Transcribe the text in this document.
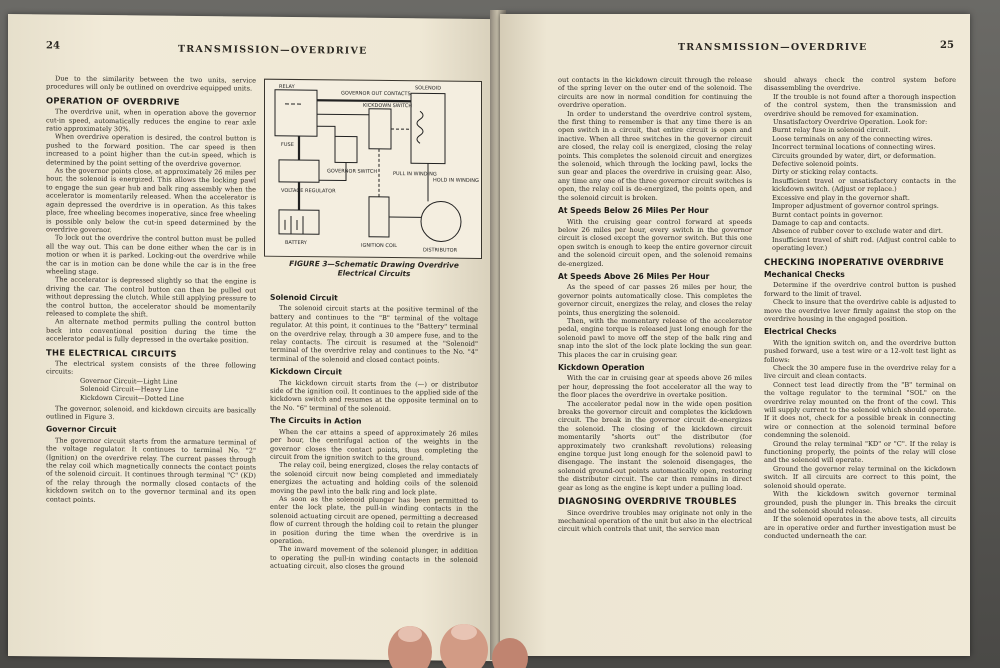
24	TRANSMISSION—OVERDRIVE

Due to the similarity between the two units, service procedures will only be outlined on overdrive equipped units.

OPERATION OF OVERDRIVE

The overdrive unit, when in operation above the governor cut-in speed, automatically reduces the engine to rear axle ratio approximately 30%.

When overdrive operation is desired, the control button is pushed to the forward position. The car speed is then increased to a point higher than the cut-in speed, which is determined by the point setting of the overdrive governor.

As the governor points close, at approximately 26 miles per hour, the solenoid is energized. This allows the locking pawl to engage the sun gear hub and balk ring assembly when the accelerator is momentarily released. When the accelerator is again depressed the overdrive is in operation. As this takes place, free wheeling becomes inoperative, since free wheeling is possible only below the cut-in speed determined by the overdrive governor.

To lock out the overdrive the control button must be pulled all the way out. This can be done either when the car is in motion or when it is parked. Locking-out the overdrive while the car is in motion can be done while the car is in the free wheeling stage.

The accelerator is depressed slightly so that the engine is driving the car. The control button can then be pulled out without depressing the clutch. While still applying pressure to the control button, the accelerator should be momentarily released to complete the shift.

An alternate method permits pulling the control button back into conventional position during the time the accelerator pedal is fully depressed in the overtake position.

THE ELECTRICAL CIRCUITS

The electrical system consists of the three following circuits:

Governor Circuit—Light Line
Solenoid Circuit—Heavy Line
Kickdown Circuit—Dotted Line

The governor, solenoid, and kickdown circuits are basically outlined in Figure 3.

Governor Circuit

The governor circuit starts from the armature terminal of the voltage regulator. It continues to terminal No. "2" (Ignition) on the overdrive relay. The current passes through the relay coil which magnetically connects the contact points of the solenoid circuit. It continues through terminal "C" (KD) of the relay through the normally closed contacts of the kickdown switch on to the governor terminal and its open contact points.

RELAY
GOVERNOR OUT CONTACTS
SOLENOID
KICKDOWN SWITCH
FUSE
GOVERNOR SWITCH	PULL IN WINDING
HOLD IN WINDING
VOLTAGE REGULATOR
BATTERY	IGNITION COIL
DISTRIBUTOR
FIGURE 3—Schematic Drawing Overdrive Electrical Circuits
Solenoid Circuit

The solenoid circuit starts at the positive terminal of the battery and continues to the "B" terminal of the voltage regulator. At this point, it continues to the "Battery" terminal on the overdrive relay, through a 30 ampere fuse, and to the relay contacts. The circuit is resumed at the "Solenoid" terminal of the overdrive relay and continues to the No. "4" terminal of the solenoid and closed contact points.

Kickdown Circuit

The kickdown circuit starts from the (—) or distributor side of the ignition coil. It continues to the applied side of the kickdown switch and resumes at the opposite terminal on to the No. "6" terminal of the solenoid.

The Circuits in Action

When the car attains a speed of approximately 26 miles per hour, the centrifugal action of the weights in the governor closes the contact points, thus completing the circuit from the ignition switch to the ground.

The relay coil, being energized, closes the relay contacts of the solenoid circuit now being completed and immediately energizes the actuating and holding coils of the solenoid moving the pawl into the balk ring and lock plate.

As soon as the solenoid plunger has been permitted to enter the lock plate, the pull-in winding contacts in the solenoid actuating circuit are opened, permitting a decreased flow of current through the holding coil to retain the plunger in position during the time when the overdrive is in operation.

The inward movement of the solenoid plunger, in addition to operating the pull-in winding contacts in the solenoid actuating circuit, also closes the ground

TRANSMISSION—OVERDRIVE	25

out contacts in the kickdown circuit through the release of the spring lever on the outer end of the solenoid. The circuits are now in normal condition for continuing the overdrive operation.

In order to understand the overdrive control system, the first thing to remember is that any time there is an open switch in a circuit, that entire circuit is open and inactive. When all three switches in the governor circuit are closed, the relay coil is energized, closing the relay points. This completes the solenoid circuit and energizes the solenoid, which through the locking pawl, locks the sun gear and places the overdrive in cruising gear. Also, any time any one of the three governor circuit switches is open, the relay coil is de-energized, the points open, and the solenoid circuit is broken.

At Speeds Below 26 Miles Per Hour

With the cruising gear control forward at speeds below 26 miles per hour, every switch in the governor circuit is closed except the governor switch. But this one open switch is enough to keep the entire governor circuit and the solenoid circuit open, and the solenoid remains de-energized.

At Speeds Above 26 Miles Per Hour

As the speed of car passes 26 miles per hour, the governor points automatically close. This completes the governor circuit, energizes the relay, and closes the relay points, thus energizing the solenoid.

Then, with the momentary release of the accelerator pedal, engine torque is released just long enough for the solenoid pawl to move off the step of the balk ring and snap into the slot of the lock plate locking the sun gear. This places the car in cruising gear.

Kickdown Operation

With the car in cruising gear at speeds above 26 miles per hour, depressing the foot accelerator all the way to the floor places the overdrive in overtake position.

The accelerator pedal now in the wide open position breaks the governor circuit and completes the kickdown circuit. The break in the governor circuit de-energizes the solenoid. The closing of the kickdown circuit momentarily "shorts out" the distributor (for approximately two crankshaft revolutions) releasing engine torque just long enough for the solenoid pawl to disengage. The instant the solenoid disengages, the solenoid ground-out points automatically open, restoring the distributor circuit. The car then remains in direct gear as long as the engine is kept under a pulling load.

DIAGNOSING OVERDRIVE TROUBLES

Since overdrive troubles may originate not only in the mechanical operation of the unit but also in the electrical circuit which controls that unit, the service man

should always check the control system before disassembling the overdrive.

If the trouble is not found after a thorough inspection of the control system, then the transmission and overdrive should be removed for examination.

Unsatisfactory Overdrive Operation. Look for:

Burnt relay fuse in solenoid circuit.
Loose terminals on any of the connecting wires.
Incorrect terminal locations of connecting wires.
Circuits grounded by water, dirt, or deformation.
Defective solenoid points.
Dirty or sticking relay contacts.
Insufficient travel or unsatisfactory contacts in the kickdown switch. (Adjust or replace.)
Excessive end play in the governor shaft.
Improper adjustment of governor control springs.
Burnt contact points in governor.
Damage to cap and contacts.
Absence of rubber cover to exclude water and dirt.
Insufficient travel of shift rod. (Adjust control cable to operating lever.)
CHECKING INOPERATIVE OVERDRIVE
Mechanical Checks

Determine if the overdrive control button is pushed forward to the limit of travel.

Check to insure that the overdrive cable is adjusted to move the overdrive lever firmly against the stop on the overdrive housing in the engaged position.

Electrical Checks

With the ignition switch on, and the overdrive button pushed forward, use a test wire or a 12-volt test light as follows:

Check the 30 ampere fuse in the overdrive relay for a live circuit and clean contacts.

Connect test lead directly from the "B" terminal on the voltage regulator to the terminal "SOL" on the overdrive relay mounted on the front of the cowl. This will supply current to the solenoid which should operate. If it does not, check for a possible break in connecting wire or connection at the solenoid terminal before condemning the solenoid.

Ground the relay terminal "KD" or "C". If the relay is functioning properly, the points of the relay will close and the solenoid will operate.

Ground the governor relay terminal on the kickdown switch. If all circuits are correct to this point, the solenoid should operate.

With the kickdown switch governor terminal grounded, push the plunger in. This breaks the circuit and the solenoid should release.

If the solenoid operates in the above tests, all circuits are in operative order and further investigation must be conducted underneath the car.
